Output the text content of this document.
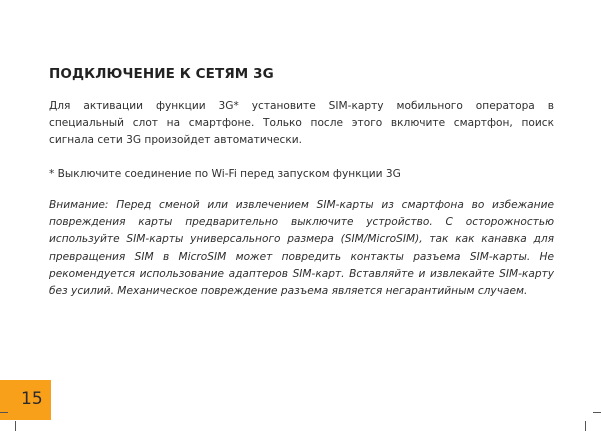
ПОДКЛЮЧЕНИЕ К СЕТЯМ 3G

Для активации функции 3G* установите SIM-карту мобильного оператора в специальный слот на смартфоне. Только после этого включите смартфон, поиск сигнала сети 3G произойдет автоматически.

* Выключите соединение по Wi-Fi перед запуском функции 3G

Внимание: Перед сменой или извлечением SIM-карты из смартфона во избежание повреждения карты предварительно выключите устройство. С осторожностью используйте SIM-карты универсального размера (SIM/MicroSIM), так как канавка для превращения SIM в MicroSIM может повредить контакты разъема SIM-карты. Не рекомендуется использование адаптеров SIM-карт. Вставляйте и извлекайте SIM-карту без усилий. Механическое повреждение разъема является негарантийным случаем.

15
